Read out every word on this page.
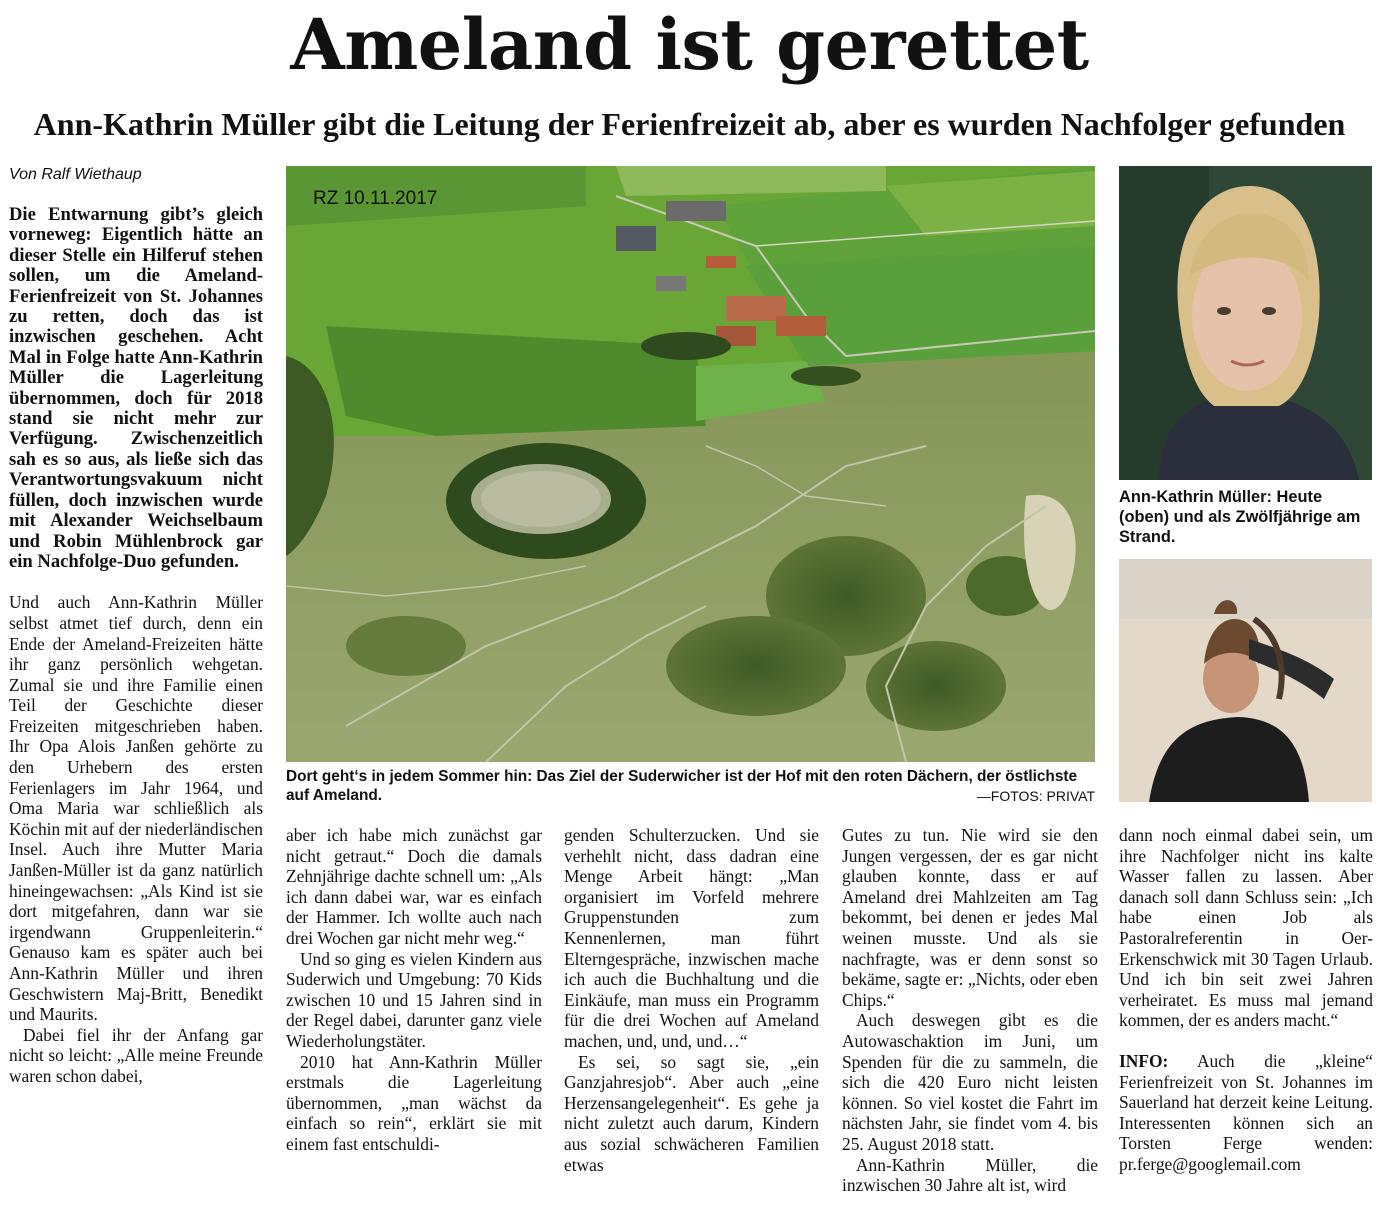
Ameland ist gerettet
Ann-Kathrin Müller gibt die Leitung der Ferienfreizeit ab, aber es wurden Nachfolger gefunden
Von Ralf Wiethaup

Die Entwarnung gibt’s gleich vorneweg: Eigentlich hätte an dieser Stelle ein Hilferuf stehen sollen, um die Ameland-Ferienfreizeit von St. Johannes zu retten, doch das ist inzwischen geschehen. Acht Mal in Folge hatte Ann-Kathrin Müller die Lagerleitung übernommen, doch für 2018 stand sie nicht mehr zur Verfügung. Zwischenzeitlich sah es so aus, als ließe sich das Verantwortungsvakuum nicht füllen, doch inzwischen wurde mit Alexander Weichselbaum und Robin Mühlenbrock gar ein Nachfolge-Duo gefunden.

Und auch Ann-Kathrin Müller selbst atmet tief durch, denn ein Ende der Ameland-Freizeiten hätte ihr ganz persönlich wehgetan. Zumal sie und ihre Familie einen Teil der Geschichte dieser Freizeiten mitgeschrieben haben. Ihr Opa Alois Janßen gehörte zu den Urhebern des ersten Ferienlagers im Jahr 1964, und Oma Maria war schließlich als Köchin mit auf der niederländischen Insel. Auch ihre Mutter Maria Janßen-Müller ist da ganz natürlich hineingewachsen: „Als Kind ist sie dort mitgefahren, dann war sie irgendwann Gruppenleiterin.“ Genauso kam es später auch bei Ann-Kathrin Müller und ihren Geschwistern Maj-Britt, Benedikt und Maurits.

Dabei fiel ihr der Anfang gar nicht so leicht: „Alle meine Freunde waren schon dabei,

RZ 10.11.2017
Dort geht‘s in jedem Sommer hin: Das Ziel der Suderwicher ist der Hof mit den roten Dächern, der östlichste auf Ameland.	—FOTOS: PRIVAT
Ann-Kathrin Müller: Heute (oben) und als Zwölfjährige am Strand.

aber ich habe mich zunächst gar nicht getraut.“ Doch die damals Zehnjährige dachte schnell um: „Als ich dann dabei war, war es einfach der Hammer. Ich wollte auch nach drei Wochen gar nicht mehr weg.“

Und so ging es vielen Kindern aus Suderwich und Umgebung: 70 Kids zwischen 10 und 15 Jahren sind in der Regel dabei, darunter ganz viele Wiederholungstäter.

2010 hat Ann-Kathrin Müller erstmals die Lagerleitung übernommen, „man wächst da einfach so rein“, erklärt sie mit einem fast entschuldi-

genden Schulterzucken. Und sie verhehlt nicht, dass dadran eine Menge Arbeit hängt: „Man organisiert im Vorfeld mehrere Gruppenstunden zum Kennenlernen, man führt Elterngespräche, inzwischen mache ich auch die Buchhaltung und die Einkäufe, man muss ein Programm für die drei Wochen auf Ameland machen, und, und, und…“

Es sei, so sagt sie, „ein Ganzjahresjob“. Aber auch „eine Herzensangelegenheit“. Es gehe ja nicht zuletzt auch darum, Kindern aus sozial schwächeren Familien etwas

Gutes zu tun. Nie wird sie den Jungen vergessen, der es gar nicht glauben konnte, dass er auf Ameland drei Mahlzeiten am Tag bekommt, bei denen er jedes Mal weinen musste. Und als sie nachfragte, was er denn sonst so bekäme, sagte er: „Nichts, oder eben Chips.“

Auch deswegen gibt es die Autowaschaktion im Juni, um Spenden für die zu sammeln, die sich die 420 Euro nicht leisten können. So viel kostet die Fahrt im nächsten Jahr, sie findet vom 4. bis 25. August 2018 statt.

Ann-Kathrin Müller, die inzwischen 30 Jahre alt ist, wird

dann noch einmal dabei sein, um ihre Nachfolger nicht ins kalte Wasser fallen zu lassen. Aber danach soll dann Schluss sein: „Ich habe einen Job als Pastoralreferentin in Oer-Erkenschwick mit 30 Tagen Urlaub. Und ich bin seit zwei Jahren verheiratet. Es muss mal jemand kommen, der es anders macht.“

INFO: Auch die „kleine“ Ferienfreizeit von St. Johannes im Sauerland hat derzeit keine Leitung. Interessenten können sich an Torsten Ferge wenden: pr.ferge@googlemail.com
